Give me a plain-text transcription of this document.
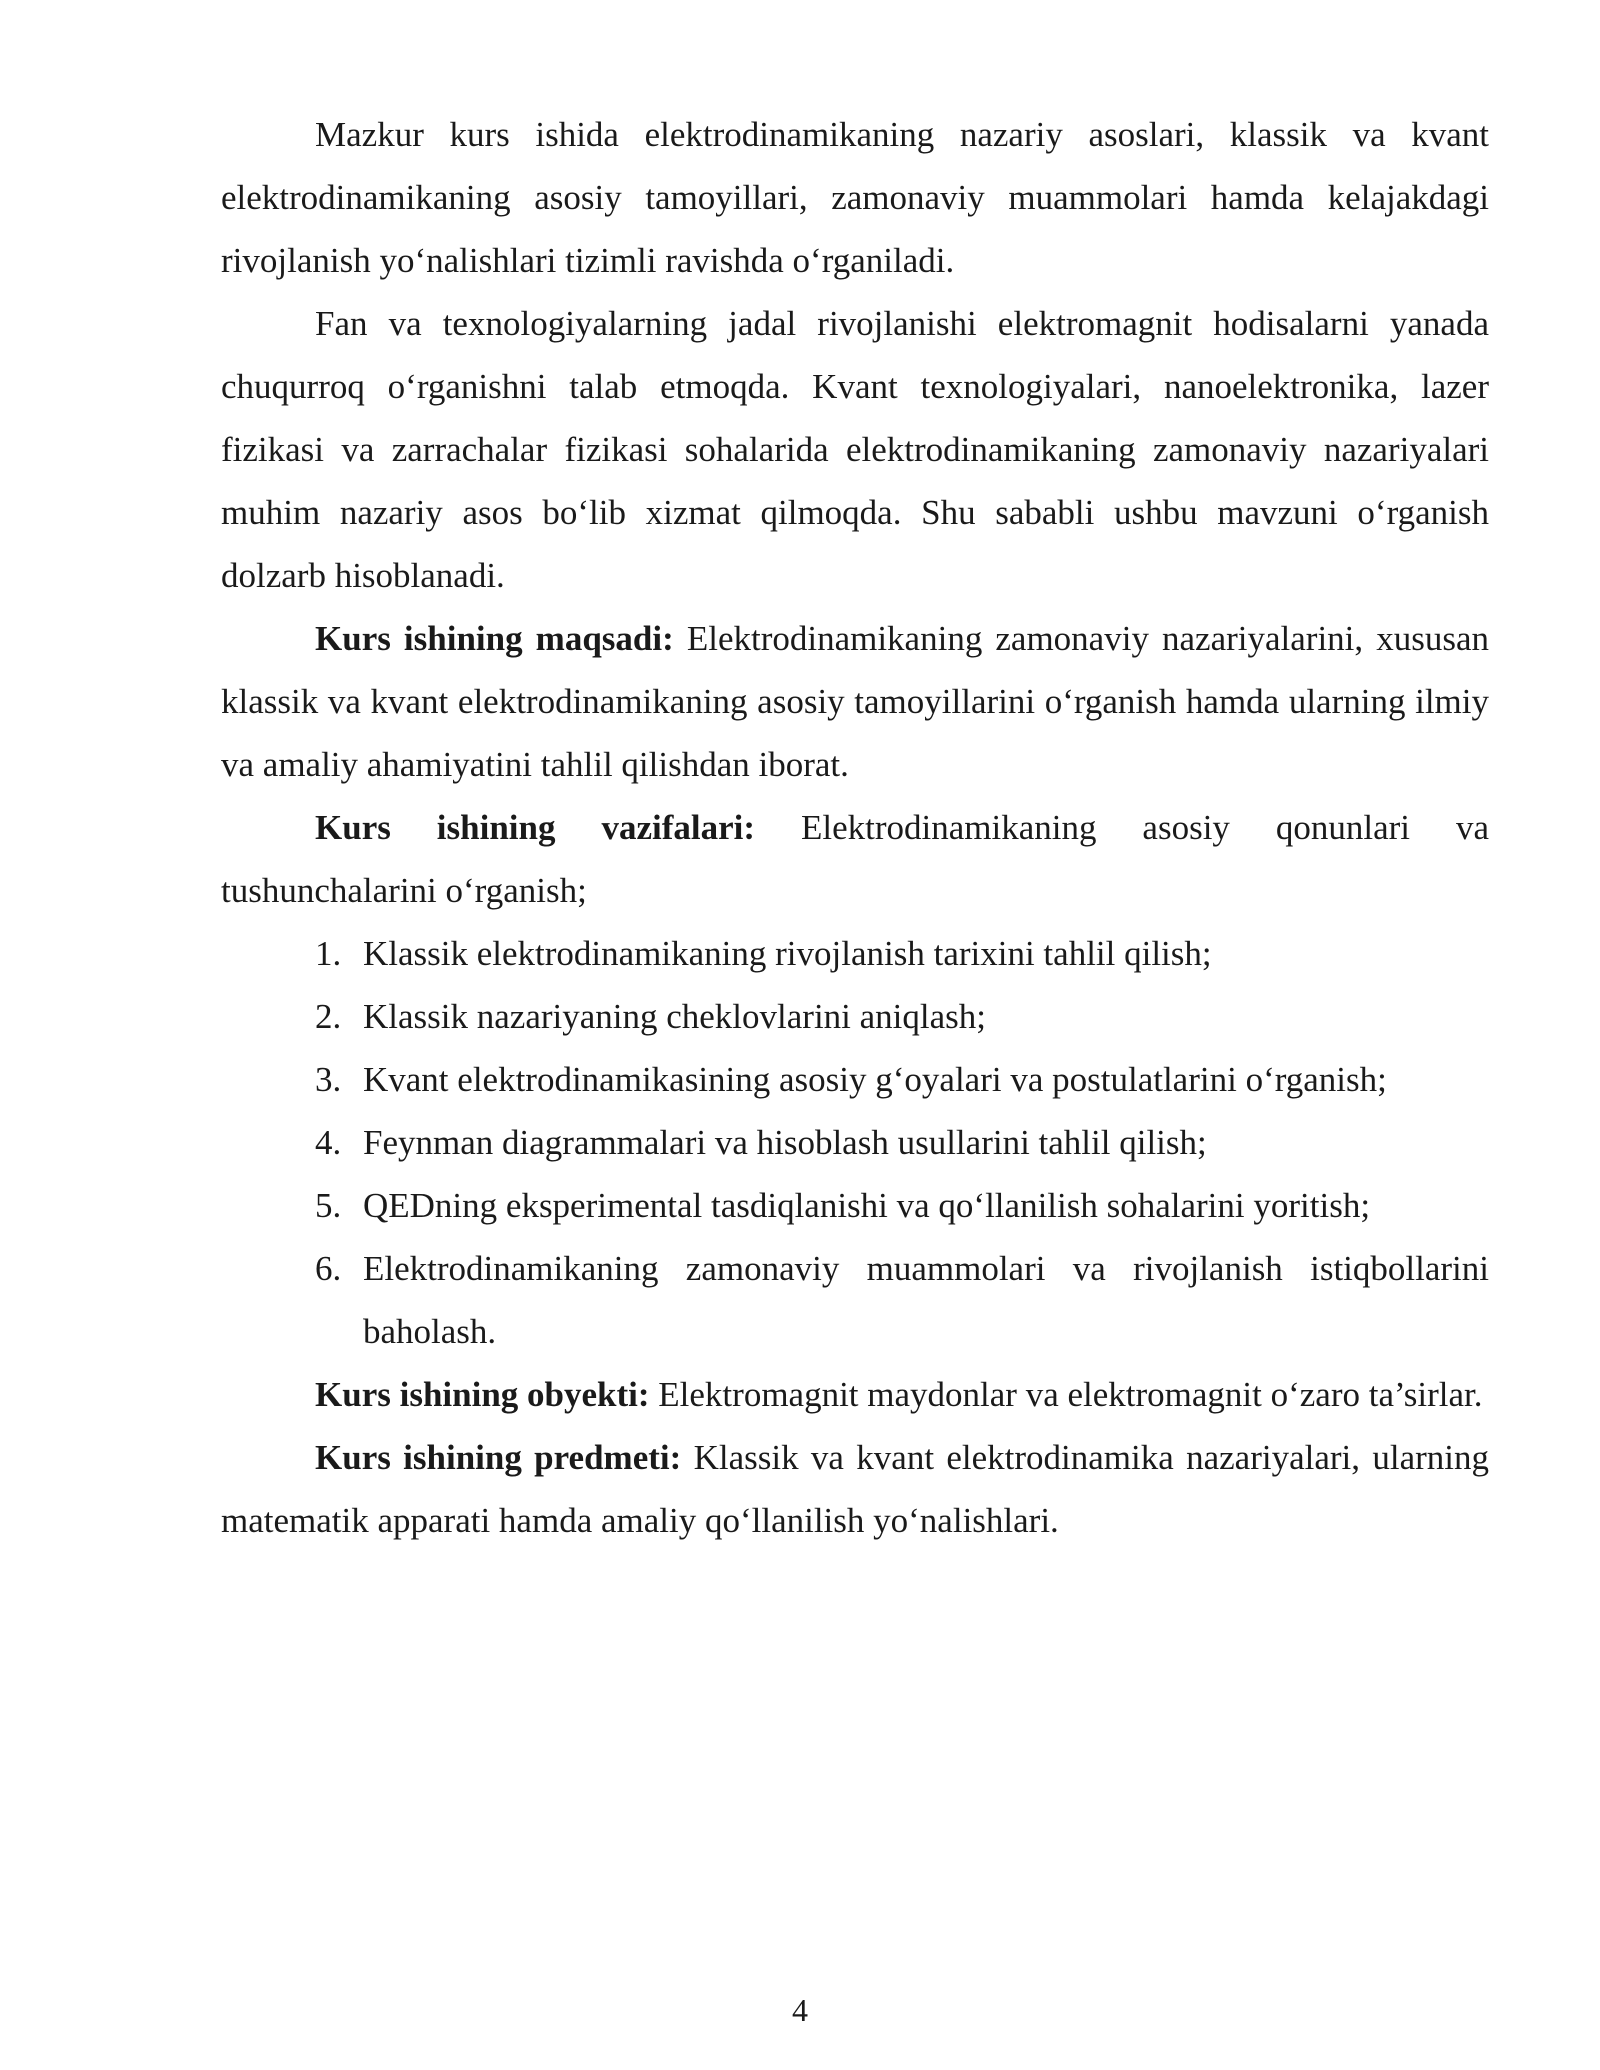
Mazkur kurs ishida elektrodinamikaning nazariy asoslari, klassik va kvant elektrodinamikaning asosiy tamoyillari, zamonaviy muammolari hamda kelajakdagi rivojlanish yo‘nalishlari tizimli ravishda o‘rganiladi.

Fan va texnologiyalarning jadal rivojlanishi elektromagnit hodisalarni yanada chuqurroq o‘rganishni talab etmoqda. Kvant texnologiyalari, nanoelektronika, lazer fizikasi va zarrachalar fizikasi sohalarida elektrodinamikaning zamonaviy nazariyalari muhim nazariy asos bo‘lib xizmat qilmoqda. Shu sababli ushbu mavzuni o‘rganish dolzarb hisoblanadi.

Kurs ishining maqsadi: Elektrodinamikaning zamonaviy nazariyalarini, xususan klassik va kvant elektrodinamikaning asosiy tamoyillarini o‘rganish hamda ularning ilmiy va amaliy ahamiyatini tahlil qilishdan iborat.

Kurs ishining vazifalari: Elektrodinamikaning asosiy qonunlari va tushunchalarini o‘rganish;

1. Klassik elektrodinamikaning rivojlanish tarixini tahlil qilish;
2. Klassik nazariyaning cheklovlarini aniqlash;
3. Kvant elektrodinamikasining asosiy g‘oyalari va postulatlarini o‘rganish;
4. Feynman diagrammalari va hisoblash usullarini tahlil qilish;
5. QEDning eksperimental tasdiqlanishi va qo‘llanilish sohalarini yoritish;
6. Elektrodinamikaning zamonaviy muammolari va rivojlanish istiqbollarini baholash.

Kurs ishining obyekti: Elektromagnit maydonlar va elektromagnit o‘zaro ta’sirlar.

Kurs ishining predmeti: Klassik va kvant elektrodinamika nazariyalari, ularning matematik apparati hamda amaliy qo‘llanilish yo‘nalishlari.

4
